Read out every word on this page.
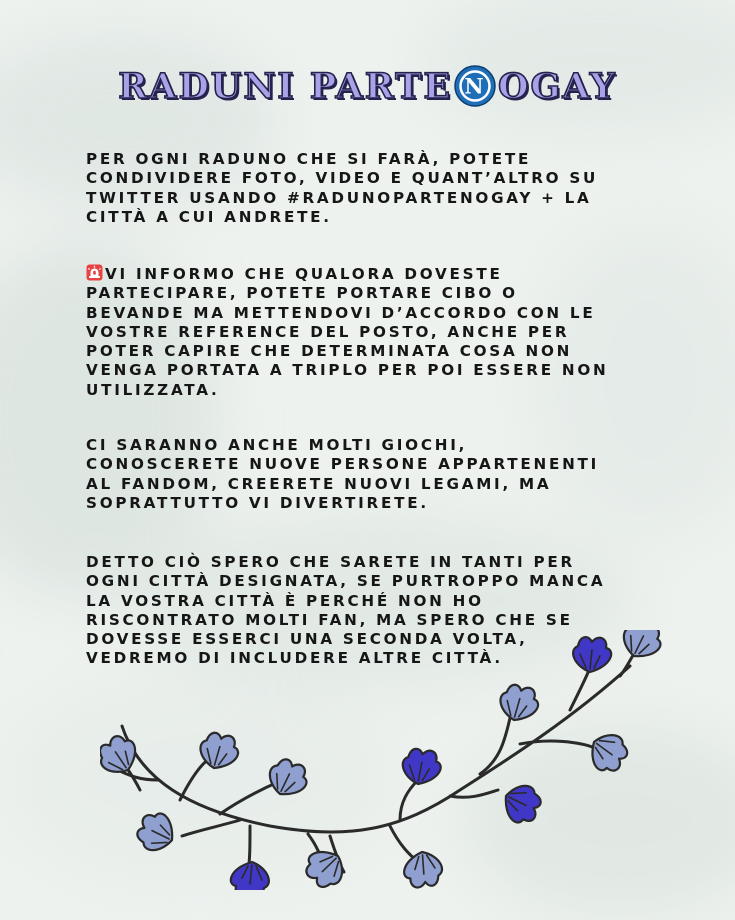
RADUNI PARTE N OGAY
PER OGNI RADUNO CHE SI FARÀ, POTETE
CONDIVIDERE FOTO, VIDEO E QUANT’ALTRO SU
TWITTER USANDO #RADUNOPARTENOGAY + LA
CITTÀ A CUI ANDRETE.
VI INFORMO CHE QUALORA DOVESTE
PARTECIPARE, POTETE PORTARE CIBO O
BEVANDE MA METTENDOVI D’ACCORDO CON LE
VOSTRE REFERENCE DEL POSTO, ANCHE PER
POTER CAPIRE CHE DETERMINATA COSA NON
VENGA PORTATA A TRIPLO PER POI ESSERE NON
UTILIZZATA.
CI SARANNO ANCHE MOLTI GIOCHI,
CONOSCERETE NUOVE PERSONE APPARTENENTI
AL FANDOM, CREERETE NUOVI LEGAMI, MA
SOPRATTUTTO VI DIVERTIRETE.
DETTO CIÒ SPERO CHE SARETE IN TANTI PER
OGNI CITTÀ DESIGNATA, SE PURTROPPO MANCA
LA VOSTRA CITTÀ È PERCHÉ NON HO
RISCONTRATO MOLTI FAN, MA SPERO CHE SE
DOVESSE ESSERCI UNA SECONDA VOLTA,
VEDREMO DI INCLUDERE ALTRE CITTÀ.
